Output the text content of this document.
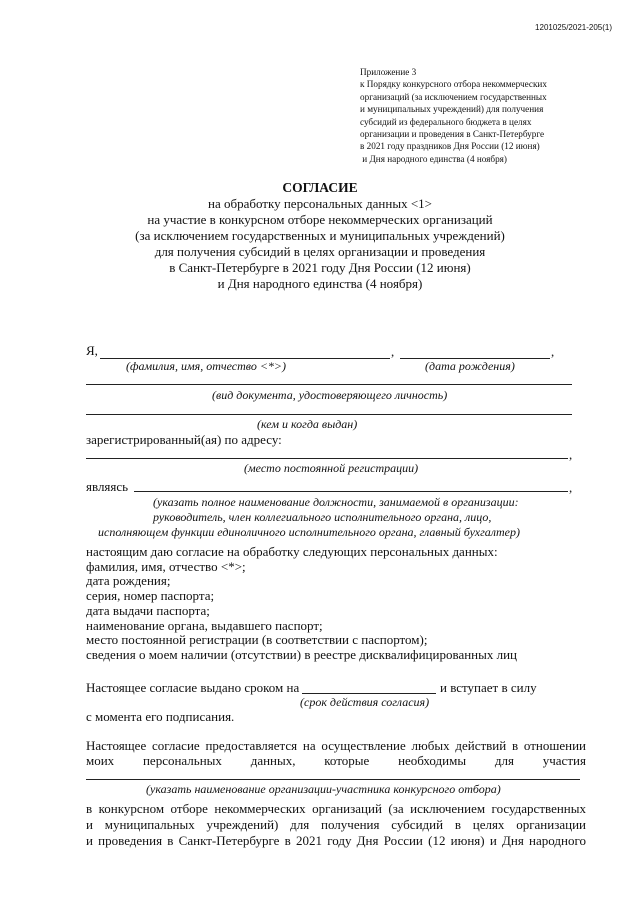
1201025/2021-205(1)
Приложение 3
к Порядку конкурсного отбора некоммерческих
организаций (за исключением государственных
и муниципальных учреждений) для получения
субсидий из федерального бюджета в целях
организации и проведения в Санкт-Петербурге
в 2021 году праздников Дня России (12 июня)
и Дня народного единства (4 ноября)
СОГЛАСИЕ
на обработку персональных данных <1>
на участие в конкурсном отборе некоммерческих организаций
(за исключением государственных и муниципальных учреждений)
для получения субсидий в целях организации и проведения
в Санкт-Петербурге в 2021 году Дня России (12 июня)
и Дня народного единства (4 ноября)
Я,	,	,
(фамилия, имя, отчество <*>)	(дата рождения)
(вид документа, удостоверяющего личность)
(кем и когда выдан)
зарегистрированный(ая) по адресу:
,
(место постоянной регистрации)
являясь	,
(указать полное наименование должности, занимаемой в организации:
руководитель, член коллегиального исполнительного органа, лицо,
исполняющем функции единоличного исполнительного органа, главный бухгалтер)
настоящим даю согласие на обработку следующих персональных данных:
фамилия, имя, отчество <*>;
дата рождения;
серия, номер паспорта;
дата выдачи паспорта;
наименование органа, выдавшего паспорт;
место постоянной регистрации (в соответствии с паспортом);
сведения о моем наличии (отсутствии) в реестре дисквалифицированных лиц
Настоящее согласие выдано сроком на	и вступает в силу
(срок действия согласия)
с момента его подписания.
Настоящее согласие предоставляется на осуществление любых действий в отношении
моих персональных данных, которые необходимы для участия
(указать наименование организации-участника конкурсного отбора)
в конкурсном отборе некоммерческих организаций (за исключением государственных
и муниципальных учреждений) для получения субсидий в целях организации
и проведения в Санкт-Петербурге в 2021 году Дня России (12 июня) и Дня народного
